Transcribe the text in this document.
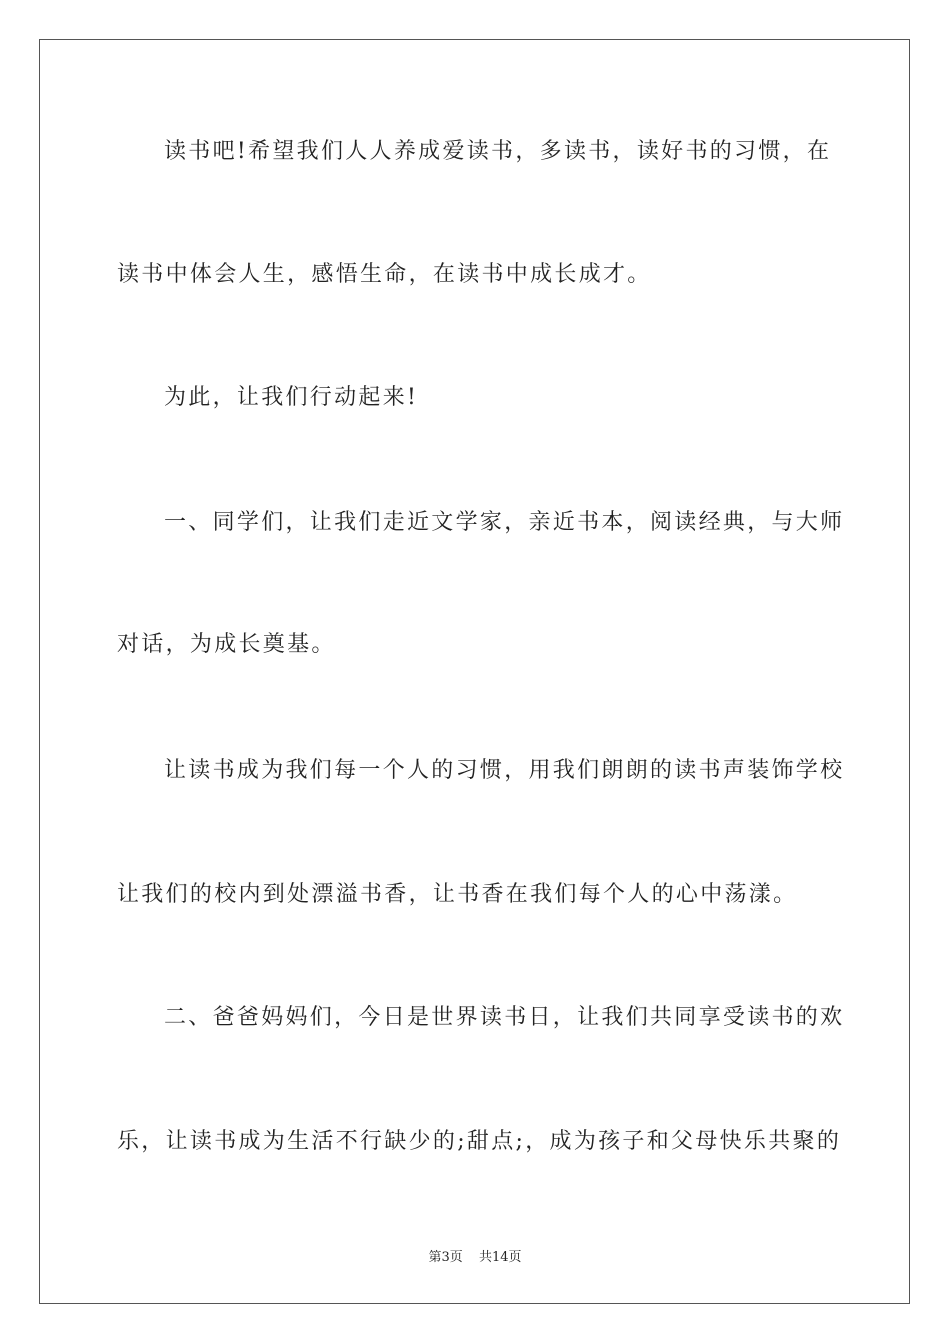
读书吧!希望我们人人养成爱读书，多读书，读好书的习惯，在
读书中体会人生，感悟生命，在读书中成长成才。
为此，让我们行动起来!
一、同学们，让我们走近文学家，亲近书本，阅读经典，与大师
对话，为成长奠基。
让读书成为我们每一个人的习惯，用我们朗朗的读书声装饰学校
让我们的校内到处漂溢书香，让书香在我们每个人的心中荡漾。
二、爸爸妈妈们，今日是世界读书日，让我们共同享受读书的欢
乐，让读书成为生活不行缺少的;甜点;，成为孩子和父母快乐共聚的
第3页 共14页
